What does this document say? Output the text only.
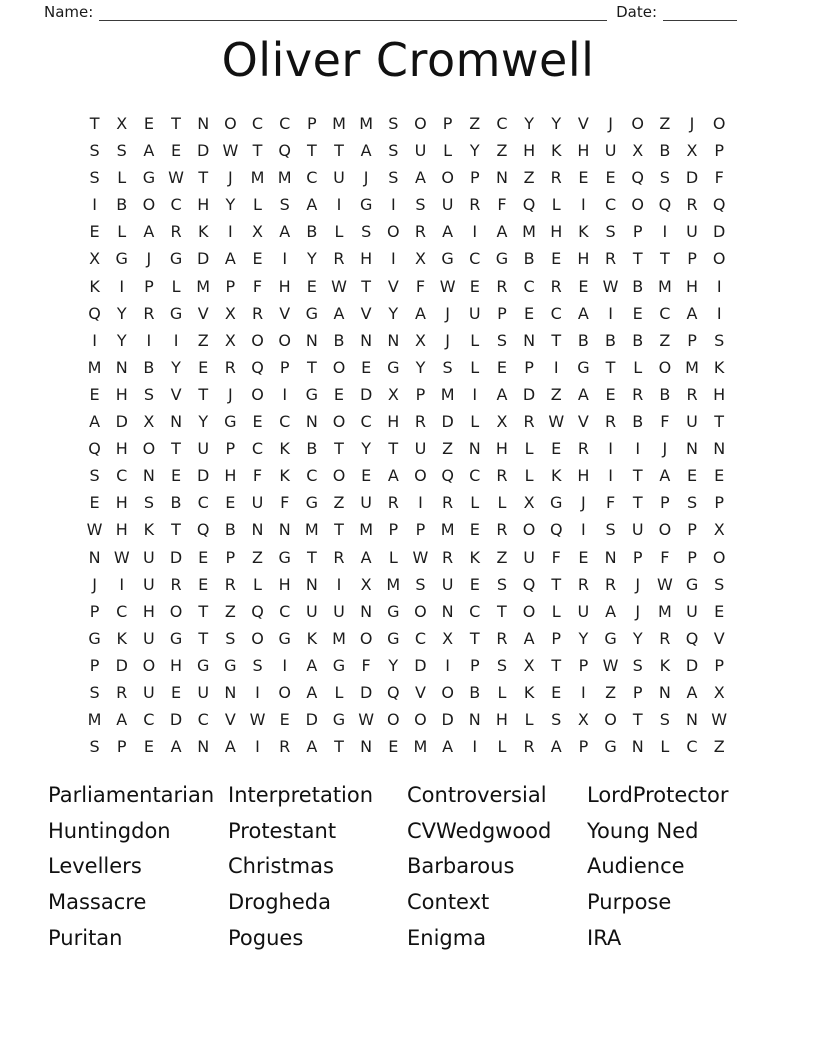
Name:	Date:
Oliver Cromwell
T	X	E	T	N O C C	P M M S O	P	Z	C	Y	Y	V	J	O Z	J	O
S	S	A	E D W T Q T	T	A	S	U	L	Y	Z H K H U X	B	X	P
S	L	G W T	J	M M C U	J	S	A O	P	N Z	R	E	E Q S D	F
I	B O C H	Y	L	S	A	I	G	I	S	U R	F	Q	L	I	C O Q R Q
E	L	A	R	K	I	X	A	B	L	S O R	A	I	A M H K	S	P	I	U D
X G	J	G D A	E	I	Y	R H	I	X G C G B	E	H R	T	T	P	O
K	I	P	L M P	F	H	E W T	V	F W E	R	C	R	E W B M H	I
Q Y	R G V	X	R	V G A	V	Y	A	J	U	P	E	C	A	I	E	C	A	I
I	Y	I	I	Z	X O O N B N N X	J	L	S	N	T	B	B	B	Z	P	S
M N B	Y	E	R Q	P	T O E G	Y	S	L	E	P	I	G	T	L	O M K
E	H	S	V	T	J	O	I	G E D X	P M	I	A D Z	A	E	R	B	R H
A D X N	Y	G E	C N O C H R D	L	X	R W V	R	B	F	U	T
Q H O T	U	P	C	K	B	T	Y	T	U Z N H	L	E	R	I	I	J	N N
S	C N	E D H	F	K	C O E	A O Q C	R	L	K H	I	T	A	E	E
E	H	S	B	C	E	U	F	G Z U R	I	R	L	L	X G	J	F	T	P	S	P
W H K	T Q B N N M T M P	P M E	R O Q	I	S	U O	P	X
N W U D E	P	Z G	T	R	A	L W R	K	Z U	F	E	N	P	F	P	O
J	I	U R	E	R	L	H N	I	X M S	U	E	S Q T	R	R	J	W G S
P	C H O T	Z Q C U U N G O N C	T O	L	U A	J	M U	E
G K	U G	T	S O G K M O G C	X	T	R	A	P	Y	G	Y	R Q V
P	D O H G G S	I	A G	F	Y	D	I	P	S	X	T	P W S	K D	P
S	R U	E	U N	I	O A	L	D Q V O B	L	K	E	I	Z	P	N A	X
M A	C D C	V W E D G W O O D N H	L	S	X O T	S	N W
S	P	E	A N A	I	R	A	T	N	E M A	I	L	R	A	P	G N	L	C	Z
Parliamentarian
Huntingdon
Levellers
Massacre
Puritan
Interpretation
Protestant
Christmas
Drogheda
Pogues
Controversial
CVWedgwood
Barbarous
Context
Enigma
LordProtector
Young Ned
Audience
Purpose
IRA
